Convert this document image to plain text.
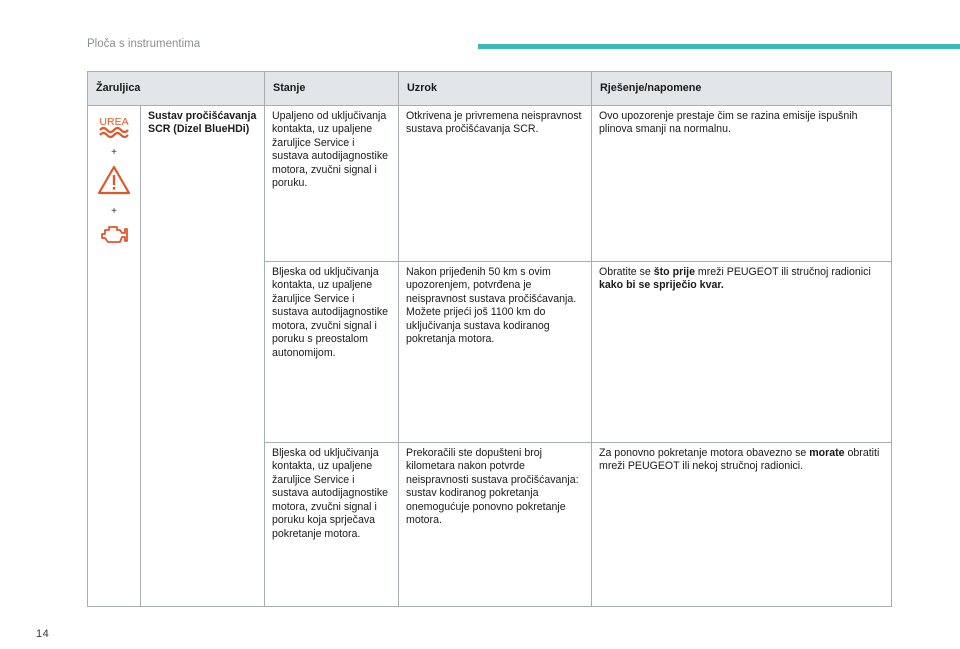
Ploča s instrumentima
Žaruljica		Stanje	Uzrok	Rješenje/napomene

UREA
+
+	Sustav pročišćavanja SCR (Dizel BlueHDi)	Upaljeno od uključivanja kontakta, uz upaljene žaruljice Service i sustava autodijagnostike motora, zvučni signal i poruku.	Otkrivena je privremena neispravnost sustava pročišćavanja SCR.	Ovo upozorenje prestaje čim se razina emisije ispušnih plinova smanji na normalnu.
		Bljeska od uključivanja kontakta, uz upaljene žaruljice Service i sustava autodijagnostike motora, zvučni signal i poruku s preostalom autonomijom.	Nakon prijeđenih 50 km s ovim upozorenjem, potvrđena je neispravnost sustava pročišćavanja. Možete prijeći još 1100 km do uključivanja sustava kodiranog pokretanja motora.	Obratite se što prije mreži PEUGEOT ili stručnoj radionici kako bi se spriječio kvar.
		Bljeska od uključivanja kontakta, uz upaljene žaruljice Service i sustava autodijagnostike motora, zvučni signal i poruku koja sprječava pokretanje motora.	Prekoračili ste dopušteni broj kilometara nakon potvrde neispravnosti sustava pročišćavanja: sustav kodiranog pokretanja onemogućuje ponovno pokretanje motora.	Za ponovno pokretanje motora obavezno se morate obratiti mreži PEUGEOT ili nekoj stručnoj radionici.
14
